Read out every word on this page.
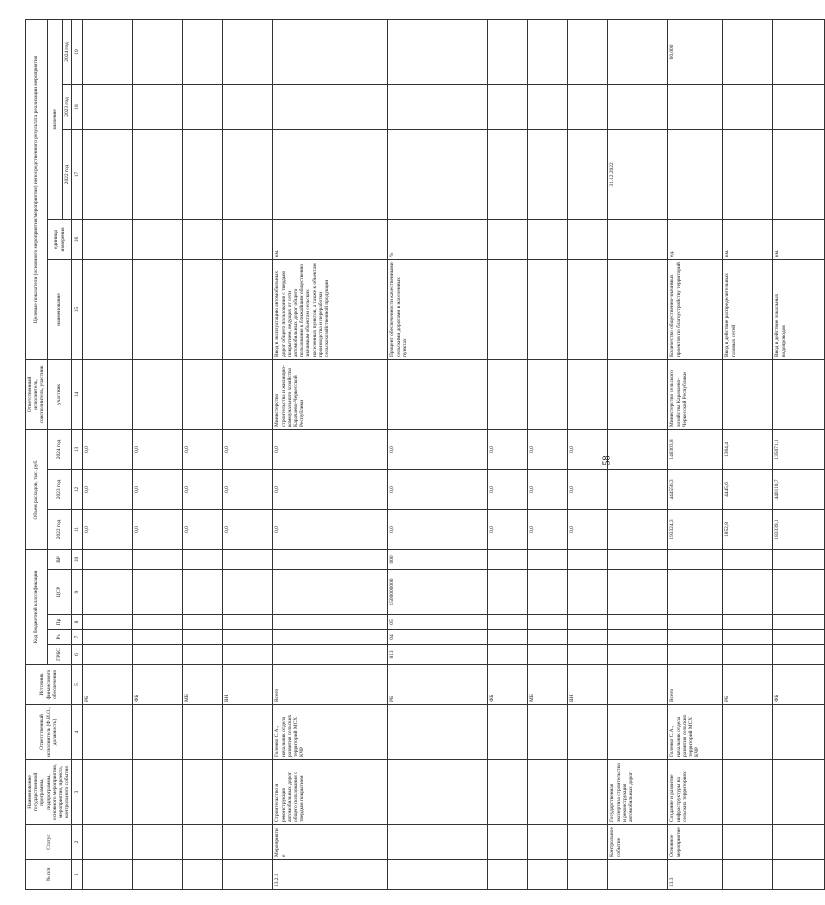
№ п/п	Статус	Наименование государственной программы, подпрограммы, основного мероприятия, мероприятия, проекта, контрольного события	Ответственный исполнитель (Ф.И.О., должность)	Источник финансового обеспечения	Код бюджетной классификации					Объем расходов, тыс. руб.			Ответственный исполнитель, соисполнитель, участник	Целевые показатели (основного мероприятия/мероприятия) непосредственного результата реализации мероприятия				
					ГРБС	Рз	Пр	ЦСР	ВР	2022 год	2023 год	2024 год	участник	наименование	единица измерения	значение		
																2022 год	2023 год	2024 год
1	2	3	4	5	6	7	8	9	10	11	12	13	14	15	16	17	18	19
				РБ						0,0	0,0	0,0						
				ФБ						0,0	0,0	0,0						
				МБ						0,0	0,0	0,0						
				ВН						0,0	0,0	0,0						
13.2.1	Мероприятие	Строительство и реконструкция автомобильных дорог общего пользования с твердым покрытием	Голенко С.А., начальник отдела развития сельских территорий МСХ КЧР	Всего						0,0	0,0	0,0	Министерство строительства и жилищно-коммунального хозяйства Карачаево-Черкесской Республики	Ввод в эксплуатацию автомобильных дорог общего пользования с твердым покрытием, ведущих от сети автомобильных дорог общего пользования к ближайшим общественно значимым объектам сельских населенных пунктов, а также к объектам производства и переработки сельскохозяйственной продукции	км.			
				РБ	813	04	05	1500000000	000	0,0	0,0	0,0		Процент обеспеченности качественными сельскими дорогами в населенных пунктах	%			
				ФБ						0,0	0,0	0,0						
				МБ						0,0	0,0	0,0						
				ВН						0,0	0,0	0,0						
	Контрольное событие	Государственная экспертиза строительства и реконструкция автомобильных дорог														31.12.2022		
13.3	Основное мероприятие	Создание и развитие инфраструктуры на сельских территориях	Голенко С.А., начальник отдела развития сельских территорий МСХ КЧР	Всего						193324,3	444556,3	140303,8	Министерство сельского хозяйства Карачаево-Черкесской Республики	Количество общественно-значимых проектов по благоустройству территорий	ед.			60,000
				РБ						1852,8	4445,6	1364,4		Ввод в действие распределительных газовых сетей	км.			
				ФБ						183339,1	440110,7	135071,1		Ввод в действие локальных водопроводов	км.			
58
